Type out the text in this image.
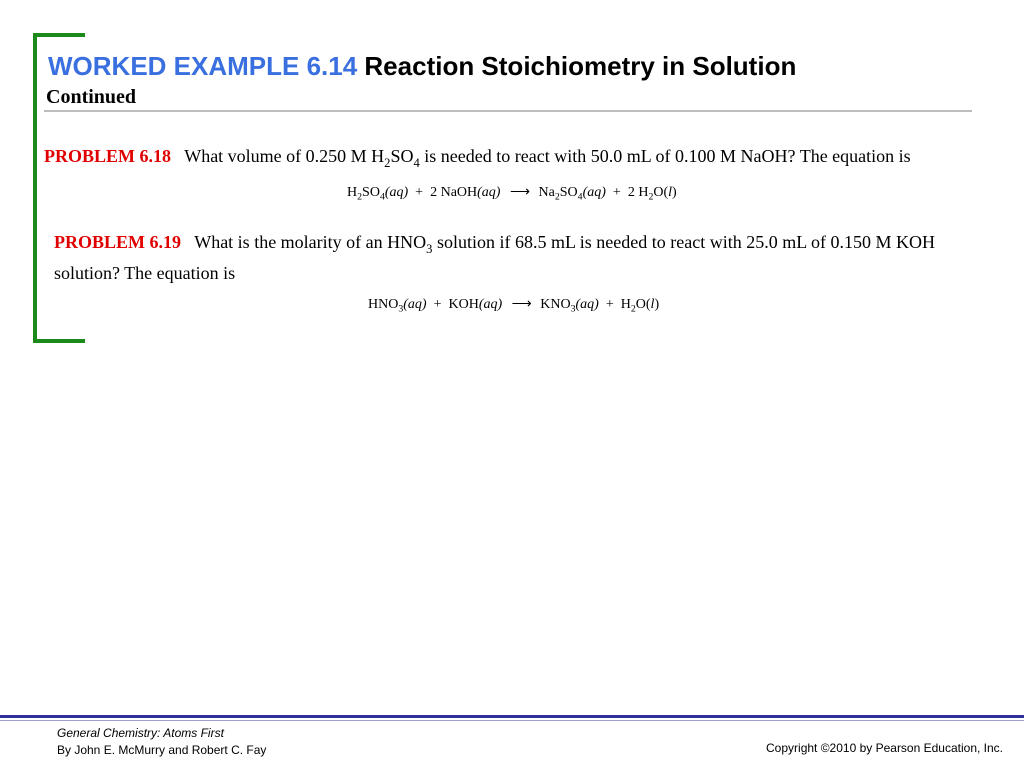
WORKED EXAMPLE 6.14 Reaction Stoichiometry in Solution
Continued
PROBLEM 6.18 What volume of 0.250 M $H_2SO_4$ is needed to react with 50.0 mL of 0.100 M NaOH? The equation is
$H_2SO_4(aq) + 2$ NaOH(aq) ⟶ $Na_2SO_4(aq) + 2$ $H_2O(l)$
PROBLEM 6.19 What is the molarity of an $HNO_3$ solution if 68.5 mL is needed to react with 25.0 mL of 0.150 M KOH solution? The equation is
$HNO_3(aq) + KOH(aq)$ ⟶ $KNO_3(aq) + H_2O(l)$
General Chemistry: Atoms First
By John E. McMurry and Robert C. Fay	Copyright ©2010 by Pearson Education, Inc.
